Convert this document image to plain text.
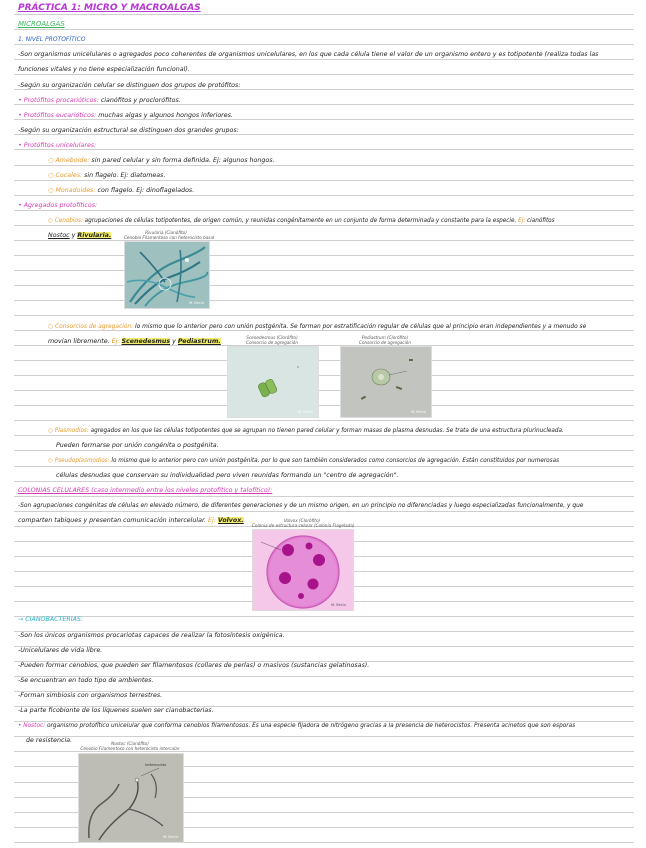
PRÁCTICA 1: MICRO Y MACROALGAS
MICROALGAS
1. NIVEL PROTOFÍTICO
-Son organismos unicelulares o agregados poco coherentes de organismos unicelulares, en los que cada célula tiene el valor de un organismo entero y es totipotente (realiza todas las
funciones vitales y no tiene especialización funcional).
-Según su organización celular se distinguen dos grupos de protófitos:
• Protófitos procarióticos: cianófitos y proclorófitos.
• Protófitos eucarióticos: muchas algas y algunos hongos inferiores.
-Según su organización estructural se distinguen dos grandes grupos:
• Protófitos unicelulares:
○ Ameboide: sin pared celular y sin forma definida. Ej: algunos hongos.
○ Cocales: sin flagelo. Ej: diatomeas.
○ Monadoides: con flagelo. Ej: dinoflagelados.
• Agregados protofíticos:
○ Cenobios: agrupaciones de células totipotentes, de origen común, y reunidas congénitamente en un conjunto de forma determinada y constante para la especie. Ej: cianófitos
Nostoc y Rivularia.	Rivularia (Cianófito)
Cenobio Filamentoso con heterocisto basal
M. Recio
○ Consorcios de agregación: lo mismo que lo anterior pero con unión postgénita. Se forman por estratificación regular de células que al principio eran independientes y a menudo se
movían libremente. Ej: Scenedesmus y Pediastrum.
Scenedesmus (Clorófito)
Consorcio de agregación
M. Recio
Pediastrum (Clorófito)
Consorcio de agregación
M. Recio
○ Plasmodios: agregados en los que las células totipotentes que se agrupan no tienen pared celular y forman masas de plasma desnudas. Se trata de una estructura plurinucleada.
Pueden formarse por unión congénita o postgénita.
○ Pseudoplasmodios: lo mismo que lo anterior pero con unión postgénita, por lo que son también considerados como consorcios de agregación. Están constituidos por numerosas
células desnudas que conservan su individualidad pero viven reunidas formando un "centro de agregación".
COLONIAS CELULARES (caso intermedio entre los niveles protofítico y talofítico):
-Son agrupaciones congénitas de células en elevado número, de diferentes generaciones y de un mismo origen, en un principio no diferenciadas y luego especializadas funcionalmente, y que
comparten tabiques y presentan comunicación intercelular. Ej: Volvox.	Volvox (Clorófito)
Colonia de estructura celular (Colonia Flagelada)
M. Recio
→ CIANOBACTERIAS:
-Son los únicos organismos procariotas capaces de realizar la fotosíntesis oxigénica.
-Unicelulares de vida libre.
-Pueden formar cenobios, que pueden ser filamentosos (collares de perlas) o masivos (sustancias gelatinosas).
-Se encuentran en todo tipo de ambientes.
-Forman simbiosis con organismos terrestres.
-La parte ficobionte de los líquenes suelen ser cianobacterias.
• Nostoc: organismo protofítico unicelular que conforma cenobios filamentosos. Es una especie fijadora de nitrógeno gracias a la presencia de heterocistos. Presenta acinetos que son esporas
de resistencia.	Nostoc (Cianófito)
Cenobio Filamentoso con heterocisto intercalar
heterocisto
M. Recio
